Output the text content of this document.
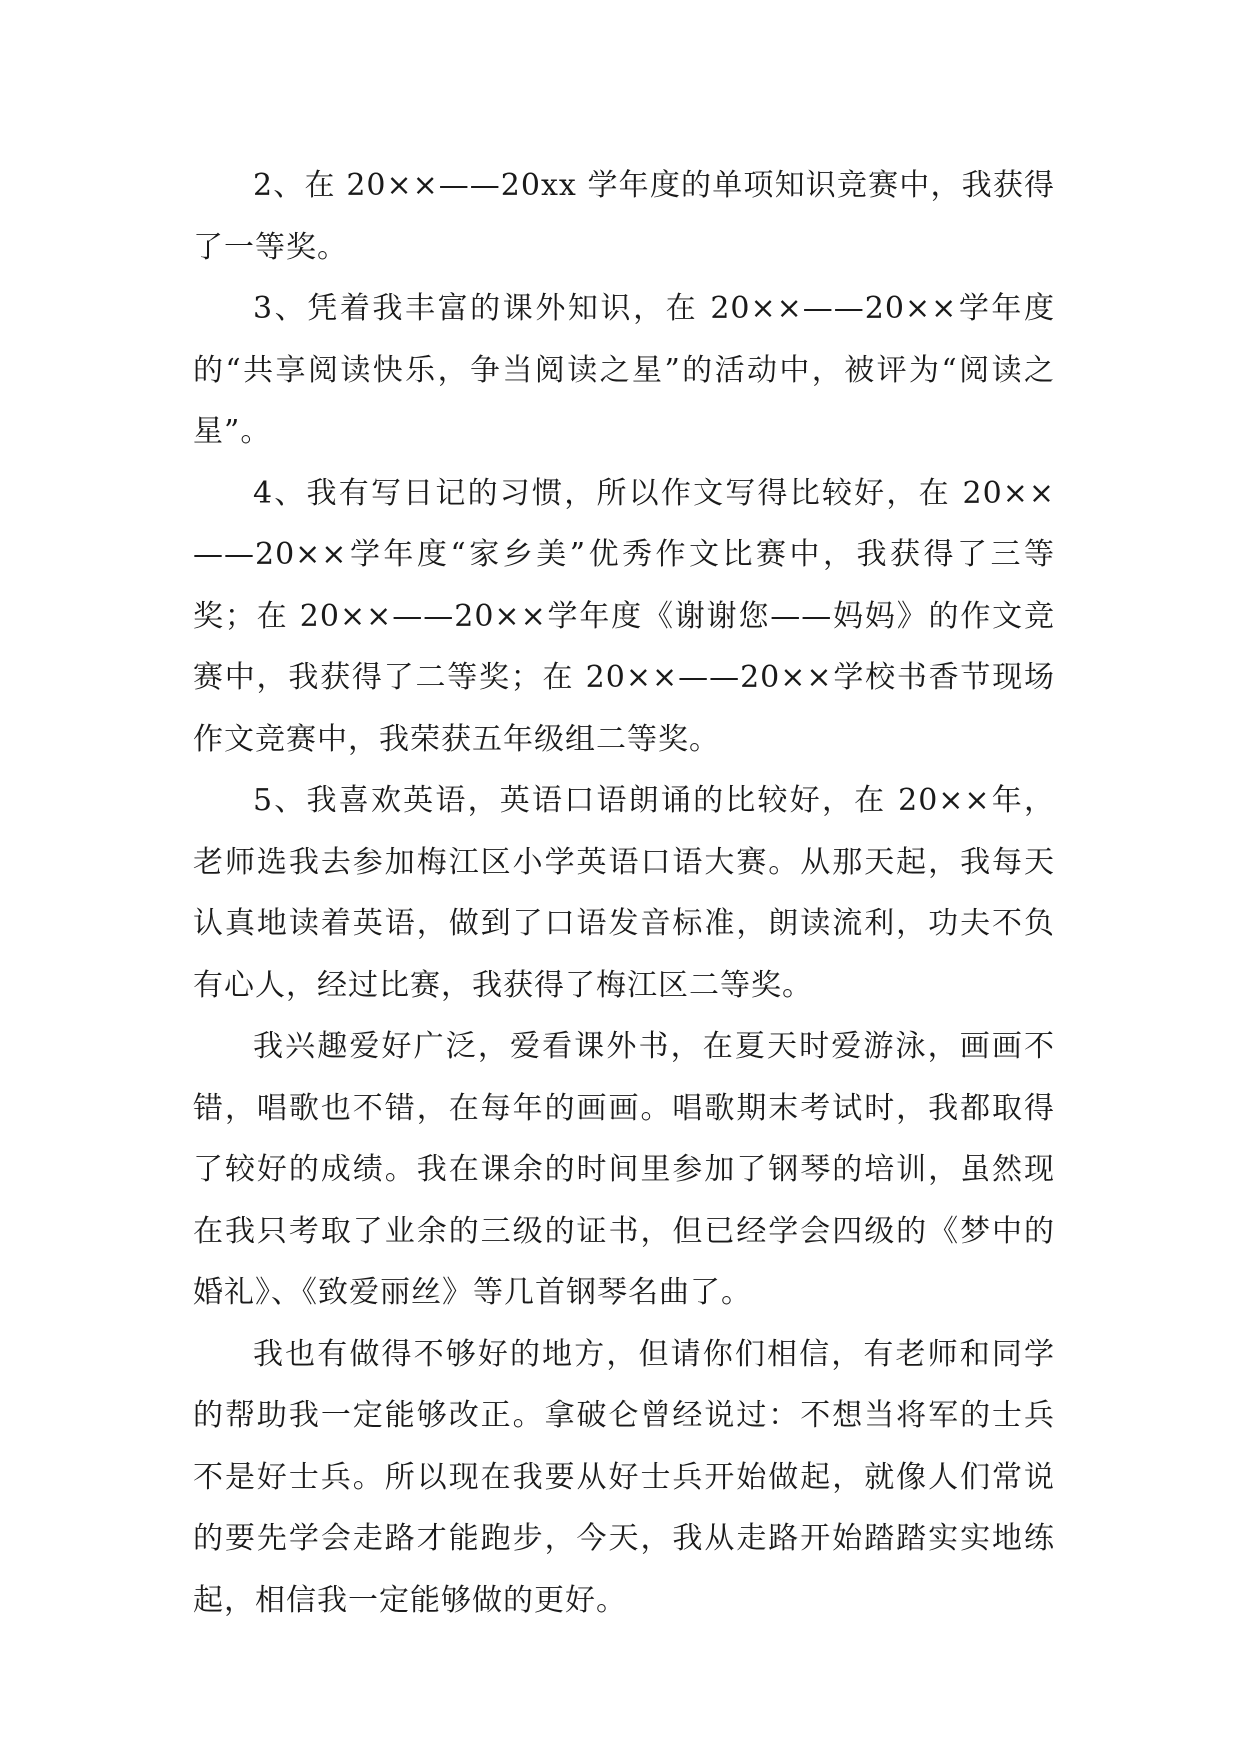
2、在 20××——20xx 学年度的单项知识竞赛中，我获得了一等奖。

3、凭着我丰富的课外知识，在 20××——20××学年度的“共享阅读快乐，争当阅读之星”的活动中，被评为“阅读之星”。

4、我有写日记的习惯，所以作文写得比较好，在 20××——20××学年度“家乡美”优秀作文比赛中，我获得了三等奖；在 20××——20××学年度《谢谢您——妈妈》的作文竞赛中，我获得了二等奖；在 20××——20××学校书香节现场作文竞赛中，我荣获五年级组二等奖。

5、我喜欢英语，英语口语朗诵的比较好，在 20××年，老师选我去参加梅江区小学英语口语大赛。从那天起，我每天认真地读着英语，做到了口语发音标准，朗读流利，功夫不负有心人，经过比赛，我获得了梅江区二等奖。

我兴趣爱好广泛，爱看课外书，在夏天时爱游泳，画画不错，唱歌也不错，在每年的画画。唱歌期末考试时，我都取得了较好的成绩。我在课余的时间里参加了钢琴的培训，虽然现在我只考取了业余的三级的证书，但已经学会四级的《梦中的婚礼》、《致爱丽丝》等几首钢琴名曲了。

我也有做得不够好的地方，但请你们相信，有老师和同学的帮助我一定能够改正。拿破仑曾经说过：不想当将军的士兵不是好士兵。所以现在我要从好士兵开始做起，就像人们常说的要先学会走路才能跑步，今天，我从走路开始踏踏实实地练起，相信我一定能够做的更好。
